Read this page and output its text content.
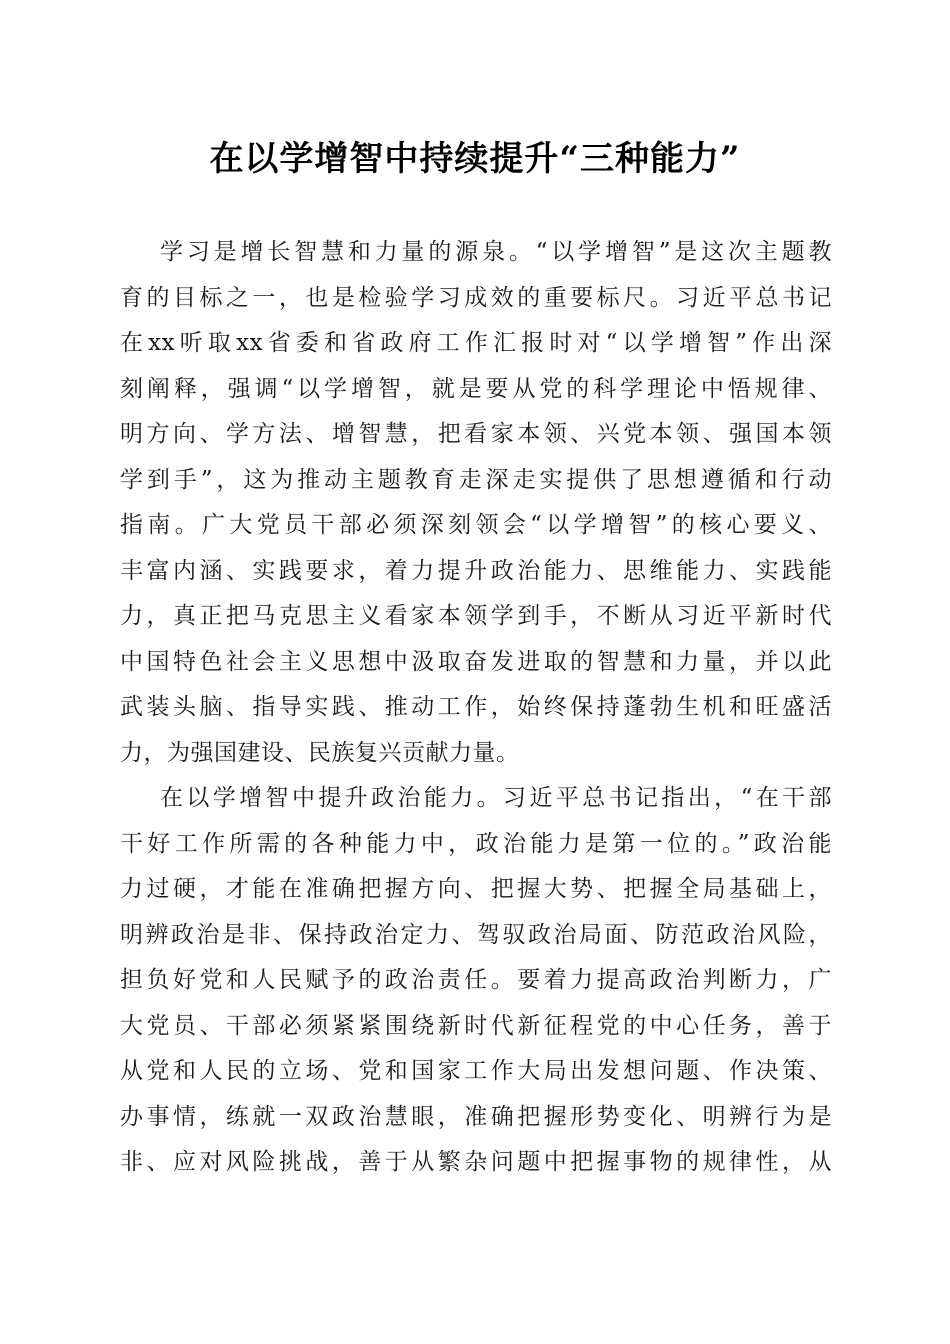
在以学增智中持续提升“三种能力”
学习是增长智慧和力量的源泉。“以学增智”是这次主题教
育的目标之一，也是检验学习成效的重要标尺。习近平总书记
在xx听取xx省委和省政府工作汇报时对“以学增智”作出深
刻阐释，强调“以学增智，就是要从党的科学理论中悟规律、
明方向、学方法、增智慧，把看家本领、兴党本领、强国本领
学到手”，这为推动主题教育走深走实提供了思想遵循和行动
指南。广大党员干部必须深刻领会“以学增智”的核心要义、
丰富内涵、实践要求，着力提升政治能力、思维能力、实践能
力，真正把马克思主义看家本领学到手，不断从习近平新时代
中国特色社会主义思想中汲取奋发进取的智慧和力量，并以此
武装头脑、指导实践、推动工作，始终保持蓬勃生机和旺盛活
力，为强国建设、民族复兴贡献力量。
在以学增智中提升政治能力。习近平总书记指出，“在干部
干好工作所需的各种能力中，政治能力是第一位的。”政治能
力过硬，才能在准确把握方向、把握大势、把握全局基础上，
明辨政治是非、保持政治定力、驾驭政治局面、防范政治风险，
担负好党和人民赋予的政治责任。要着力提高政治判断力，广
大党员、干部必须紧紧围绕新时代新征程党的中心任务，善于
从党和人民的立场、党和国家工作大局出发想问题、作决策、
办事情，练就一双政治慧眼，准确把握形势变化、明辨行为是
非、应对风险挑战，善于从繁杂问题中把握事物的规律性，从
